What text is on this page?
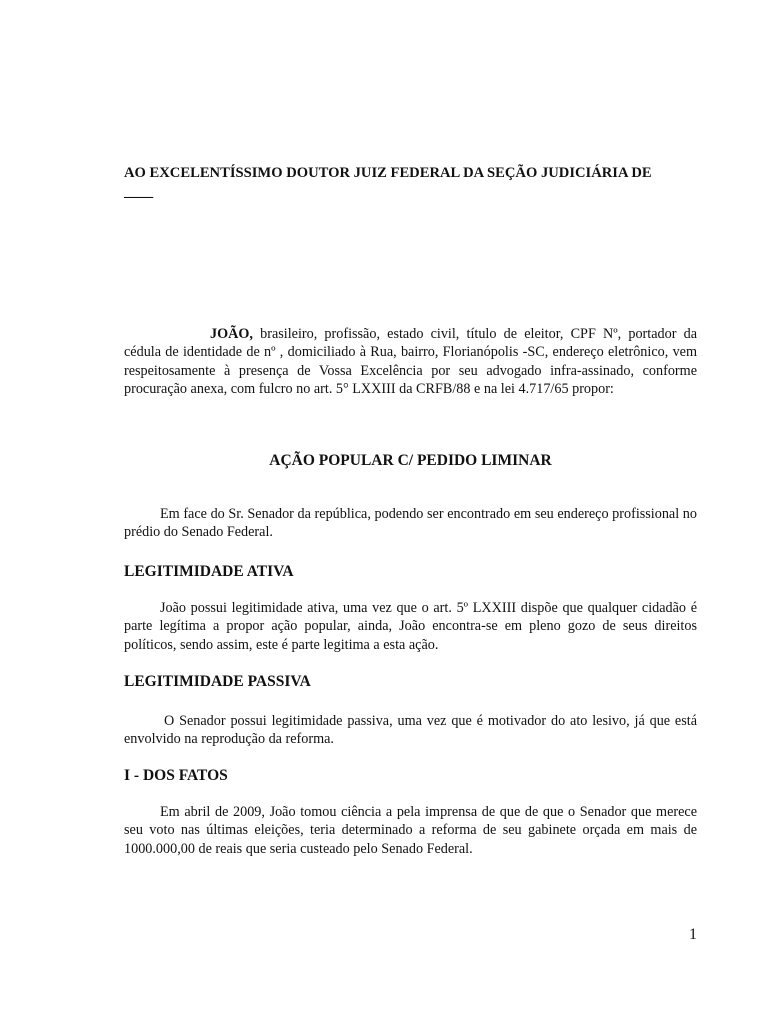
AO EXCELENTÍSSIMO DOUTOR JUIZ FEDERAL DA SEÇÃO JUDICIÁRIA DE
____

JOÃO, brasileiro, profissão, estado civil, título de eleitor, CPF Nº, portador da cédula de identidade de nº , domiciliado à Rua, bairro, Florianópolis -SC, endereço eletrônico, vem respeitosamente à presença de Vossa Excelência por seu advogado infra-assinado, conforme procuração anexa, com fulcro no art. 5° LXXIII da CRFB/88 e na lei 4.717/65 propor:

AÇÃO POPULAR C/ PEDIDO LIMINAR

Em face do Sr. Senador da república, podendo ser encontrado em seu endereço profissional no prédio do Senado Federal.

LEGITIMIDADE ATIVA

João possui legitimidade ativa, uma vez que o art. 5º LXXIII dispõe que qualquer cidadão é parte legítima a propor ação popular, ainda, João encontra-se em pleno gozo de seus direitos políticos, sendo assim, este é parte legitima a esta ação.

LEGITIMIDADE PASSIVA

O Senador possui legitimidade passiva, uma vez que é motivador do ato lesivo, já que está envolvido na reprodução da reforma.

I - DOS FATOS

Em abril de 2009, João tomou ciência a pela imprensa de que de que o Senador que merece seu voto nas últimas eleições, teria determinado a reforma de seu gabinete orçada em mais de 1000.000,00 de reais que seria custeado pelo Senado Federal.

1
